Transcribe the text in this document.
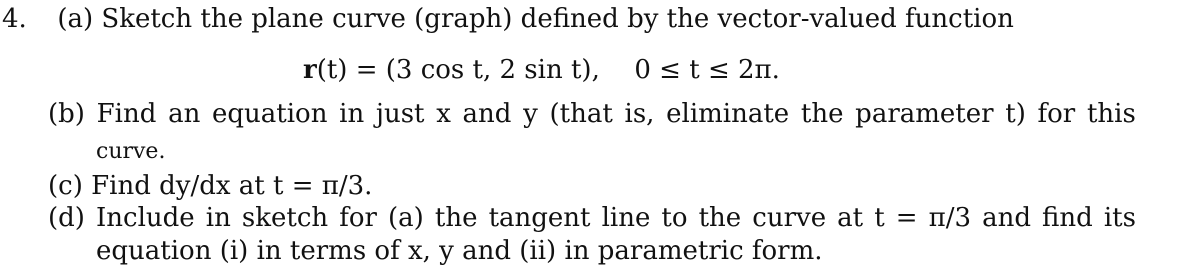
4. (a) Sketch the plane curve (graph) defined by the vector-valued function
r(t) = (3 cos t, 2 sin t), 0 ≤ t ≤ 2π.
(b) Find an equation in just x and y (that is, eliminate the parameter t) for this
curve.
(c) Find dy/dx at t = π/3.
(d) Include in sketch for (a) the tangent line to the curve at t = π/3 and find its
equation (i) in terms of x, y and (ii) in parametric form.
